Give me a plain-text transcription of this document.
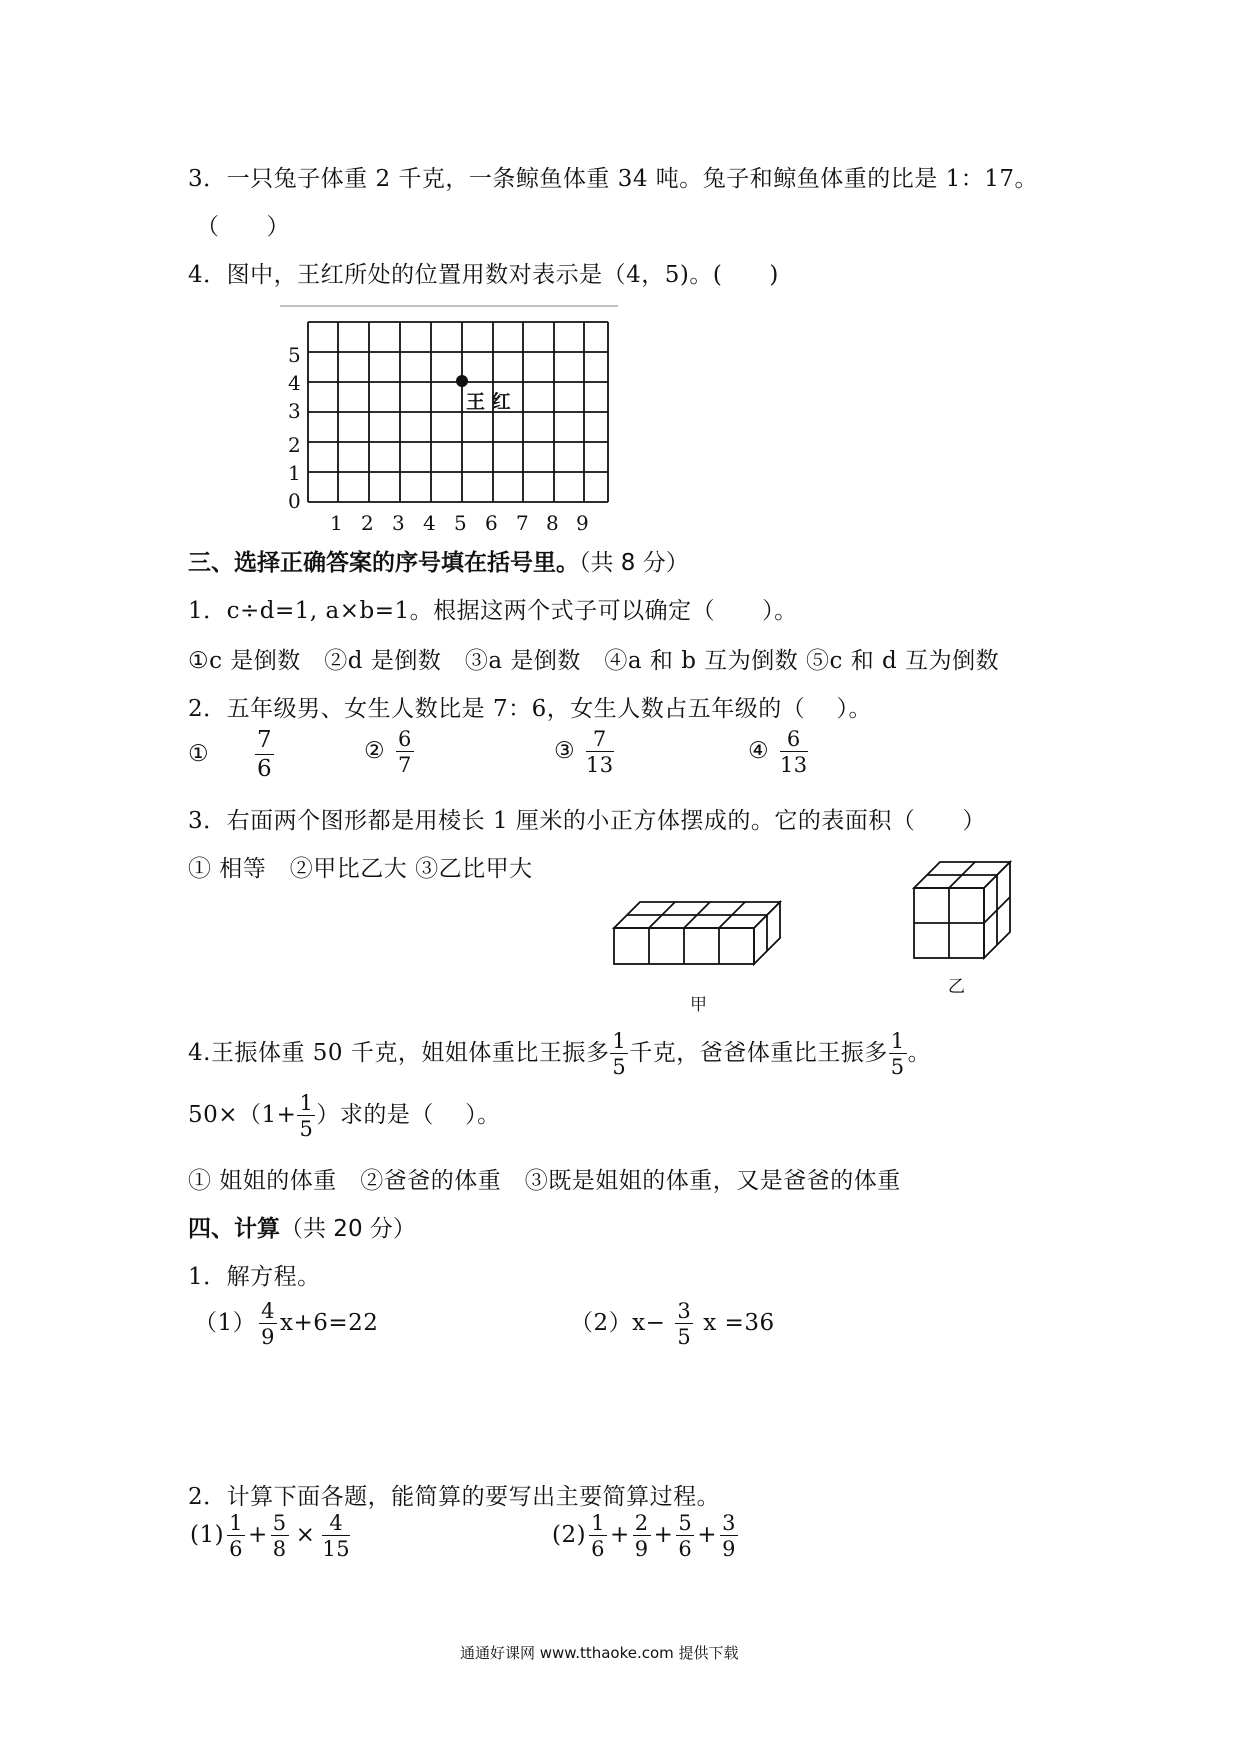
3．一只兔子体重 2 千克，一条鲸鱼体重 34 吨。兔子和鲸鱼体重的比是 1：17。
（　　）
4．图中，王红所处的位置用数对表示是（4，5)。(　　)
5
4
3
2
1
0
1 2 3 4 5 6 7 8 9
王 红
三、选择正确答案的序号填在括号里。（共 8 分）
1．c÷d=1, a×b=1。根据这两个式子可以确定（　　）。
①c 是倒数　②d 是倒数　③a 是倒数　④a 和 b 互为倒数 ⑤c 和 d 互为倒数
2．五年级男、女生人数比是 7：6，女生人数占五年级的（　 ）。
① $\frac{7}{6}$	② $\frac{6}{7}$	③ $\frac{7}{13}$	④ $\frac{6}{13}$
3．右面两个图形都是用棱长 1 厘米的小正方体摆成的。它的表面积（　　）
① 相等　②甲比乙大 ③乙比甲大
甲
乙
4.王振体重 50 千克，姐姐体重比王振多 $\frac{1}{5}$ 千克，爸爸体重比王振多 $\frac{1}{5}$ 。
$50\times(1+ \frac{1}{5}$ ）求的是（　 ）。
① 姐姐的体重　②爸爸的体重　③既是姐姐的体重，又是爸爸的体重
四、计算（共 20 分）
1．解方程。
$(1) \frac{4}{9} x+6=22$	$(2)x- \frac{3}{5}$ x =36
2．计算下面各题，能简算的要写出主要简算过程。
$(1) \frac{1}{6} + \frac{5}{8} \times \frac{4}{15}$	$(2) \frac{1}{6} + \frac{2}{9} + \frac{5}{6} + \frac{3}{9}$
通通好课网 www.tthaoke.com 提供下载
